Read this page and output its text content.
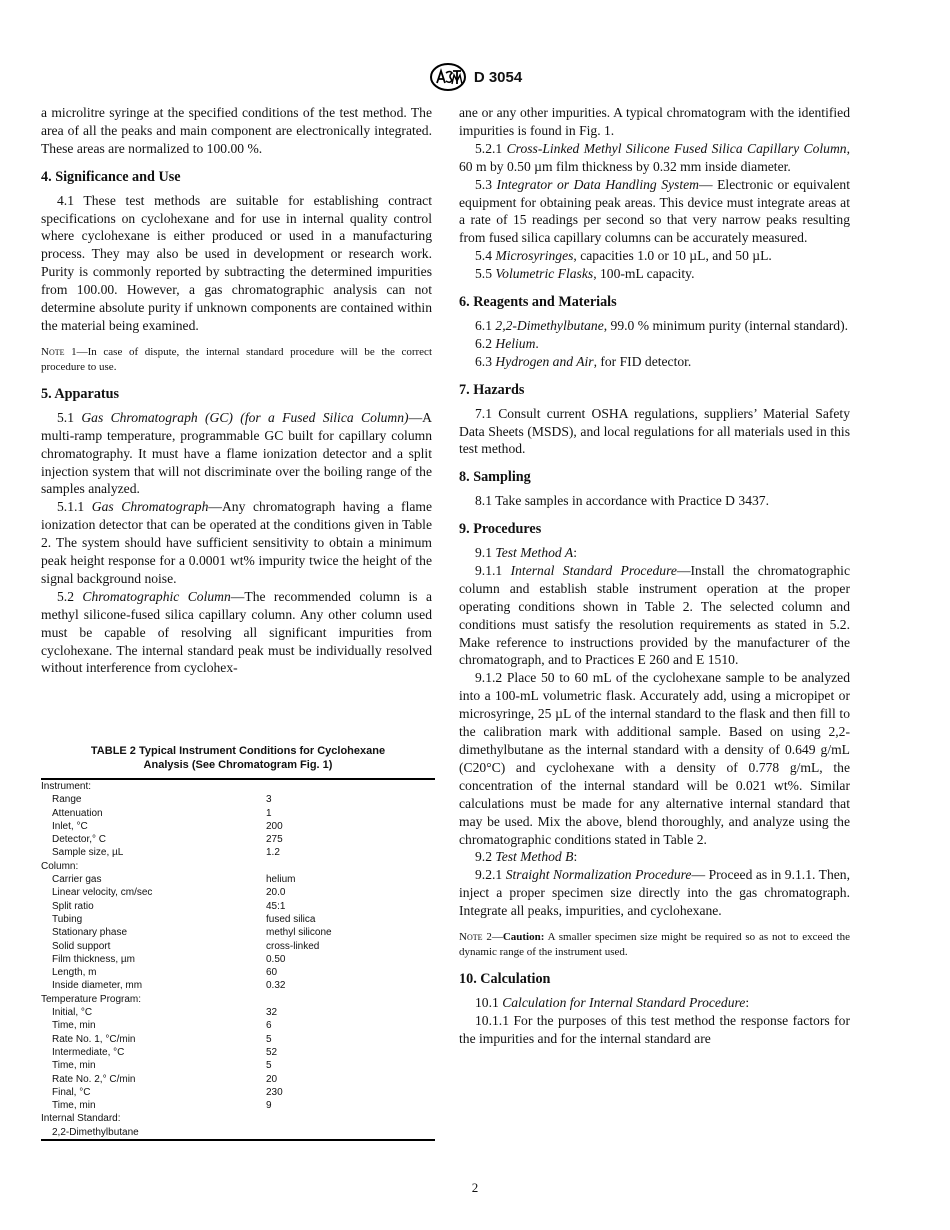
D 3054

a microlitre syringe at the specified conditions of the test method. The area of all the peaks and main component are electronically integrated. These areas are normalized to 100.00 %.

4. Significance and Use

4.1 These test methods are suitable for establishing contract specifications on cyclohexane and for use in internal quality control where cyclohexane is either produced or used in a manufacturing process. They may also be used in development or research work. Purity is commonly reported by subtracting the determined impurities from 100.00. However, a gas chromatographic analysis can not determine absolute purity if unknown components are contained within the material being examined.

Note 1—In case of dispute, the internal standard procedure will be the correct procedure to use.

5. Apparatus

5.1 Gas Chromatograph (GC) (for a Fused Silica Column)—A multi-ramp temperature, programmable GC built for capillary column chromatography. It must have a flame ionization detector and a split injection system that will not discriminate over the boiling range of the samples analyzed.

5.1.1 Gas Chromatograph—Any chromatograph having a flame ionization detector that can be operated at the conditions given in Table 2. The system should have sufficient sensitivity to obtain a minimum peak height response for a 0.0001 wt% impurity twice the height of the signal background noise.

5.2 Chromatographic Column—The recommended column is a methyl silicone-fused silica capillary column. Any other column used must be capable of resolving all significant impurities from cyclohexane. The internal standard peak must be individually resolved without interference from cyclohex-

TABLE 2 Typical Instrument Conditions for Cyclohexane
Analysis (See Chromatogram Fig. 1)
Instrument:
Range	3
Attenuation	1
Inlet, °C	200
Detector,° C	275
Sample size, µL	1.2
Column:
Carrier gas	helium
Linear velocity, cm/sec	20.0
Split ratio	45:1
Tubing	fused silica
Stationary phase	methyl silicone
Solid support	cross-linked
Film thickness, µm	0.50
Length, m	60
Inside diameter, mm	0.32
Temperature Program:
Initial, °C	32
Time, min	6
Rate No. 1, °C/min	5
Intermediate, °C	52
Time, min	5
Rate No. 2,° C/min	20
Final, °C	230
Time, min	9
Internal Standard:
2,2-Dimethylbutane

ane or any other impurities. A typical chromatogram with the identified impurities is found in Fig. 1.

5.2.1 Cross-Linked Methyl Silicone Fused Silica Capillary Column, 60 m by 0.50 µm film thickness by 0.32 mm inside diameter.

5.3 Integrator or Data Handling System— Electronic or equivalent equipment for obtaining peak areas. This device must integrate areas at a rate of 15 readings per second so that very narrow peaks resulting from fused silica capillary columns can be accurately measured.

5.4 Microsyringes, capacities 1.0 or 10 µL, and 50 µL.

5.5 Volumetric Flasks, 100-mL capacity.

6. Reagents and Materials

6.1 2,2-Dimethylbutane, 99.0 % minimum purity (internal standard).

6.2 Helium.

6.3 Hydrogen and Air, for FID detector.

7. Hazards

7.1 Consult current OSHA regulations, suppliers’ Material Safety Data Sheets (MSDS), and local regulations for all materials used in this test method.

8. Sampling

8.1 Take samples in accordance with Practice D 3437.

9. Procedures

9.1 Test Method A:

9.1.1 Internal Standard Procedure—Install the chromatographic column and establish stable instrument operation at the proper operating conditions shown in Table 2. The selected column and conditions must satisfy the resolution requirements as stated in 5.2. Make reference to instructions provided by the manufacturer of the chromatograph, and to Practices E 260 and E 1510.

9.1.2 Place 50 to 60 mL of the cyclohexane sample to be analyzed into a 100-mL volumetric flask. Accurately add, using a micropipet or microsyringe, 25 µL of the internal standard to the flask and then fill to the calibration mark with additional sample. Based on using 2,2-dimethylbutane as the internal standard with a density of 0.649 g/mL (C20°C) and cyclohexane with a density of 0.778 g/mL, the concentration of the internal standard will be 0.021 wt%. Similar calculations must be made for any alternative internal standard that may be used. Mix the above, blend thoroughly, and analyze using the chromatographic conditions stated in Table 2.

9.2 Test Method B:

9.2.1 Straight Normalization Procedure— Proceed as in 9.1.1. Then, inject a proper specimen size directly into the gas chromatograph. Integrate all peaks, impurities, and cyclohexane.

Note 2—Caution: A smaller specimen size might be required so as not to exceed the dynamic range of the instrument used.

10. Calculation

10.1 Calculation for Internal Standard Procedure:

10.1.1 For the purposes of this test method the response factors for the impurities and for the internal standard are

2
